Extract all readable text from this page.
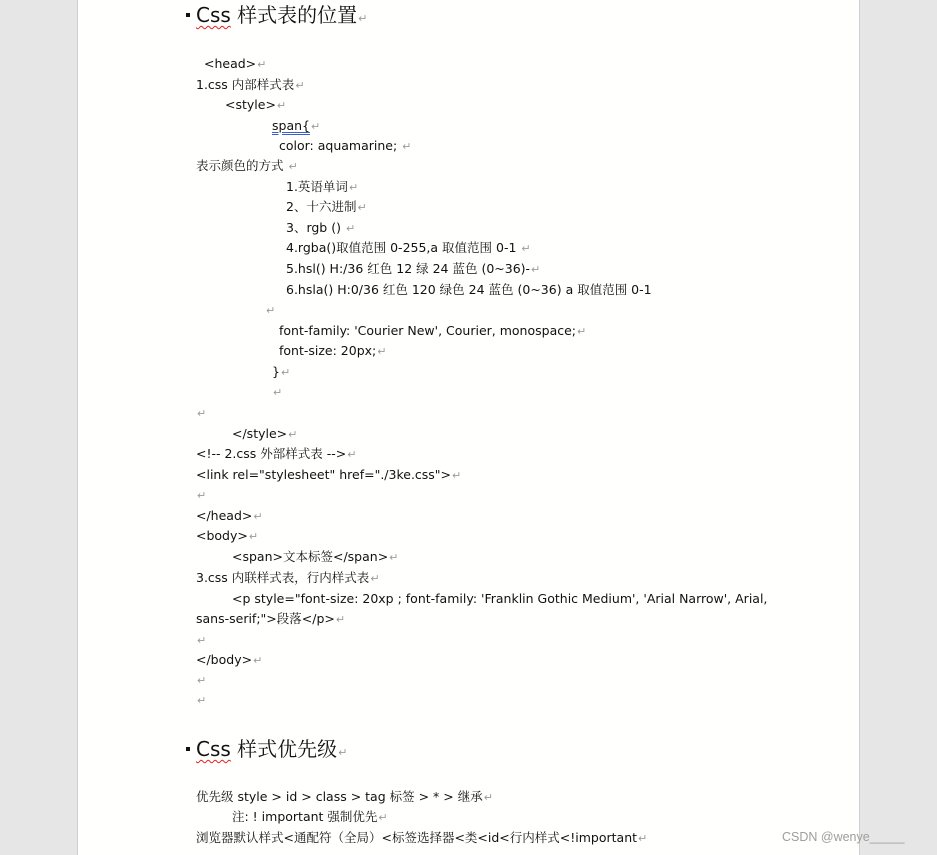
Css 样式表的位置↵
<head>↵
1.css 内部样式表↵
<style>↵
span{↵
color: aquamarine; ↵
表示颜色的方式 ↵
1.英语单词↵
2、十六进制↵
3、rgb () ↵
4.rgba()取值范围 0-255,a 取值范围 0-1 ↵
5.hsl() H:/36 红色 12 绿 24 蓝色 (0~36)-↵
6.hsla() H:0/36 红色 120 绿色 24 蓝色 (0~36) a 取值范围 0-1
↵
font-family: 'Courier New', Courier, monospace;↵
font-size: 20px;↵
}↵
↵
↵
</style>↵
<!-- 2.css 外部样式表 -->↵
<link rel="stylesheet" href="./3ke.css">↵
↵
</head>↵
<body>↵
<span>文本标签</span>↵
3.css 内联样式表，行内样式表↵
<p style="font-size: 20xp ; font-family: 'Franklin Gothic Medium', 'Arial Narrow', Arial,
sans-serif;">段落</p>↵
↵
</body>↵
↵
↵
Css 样式优先级↵
优先级 style > id > class > tag 标签 > * > 继承↵
注: ! important 强制优先↵
浏览器默认样式<通配符（全局）<标签选择器<类<id<行内样式<!important↵	CSDN @wenye_____
